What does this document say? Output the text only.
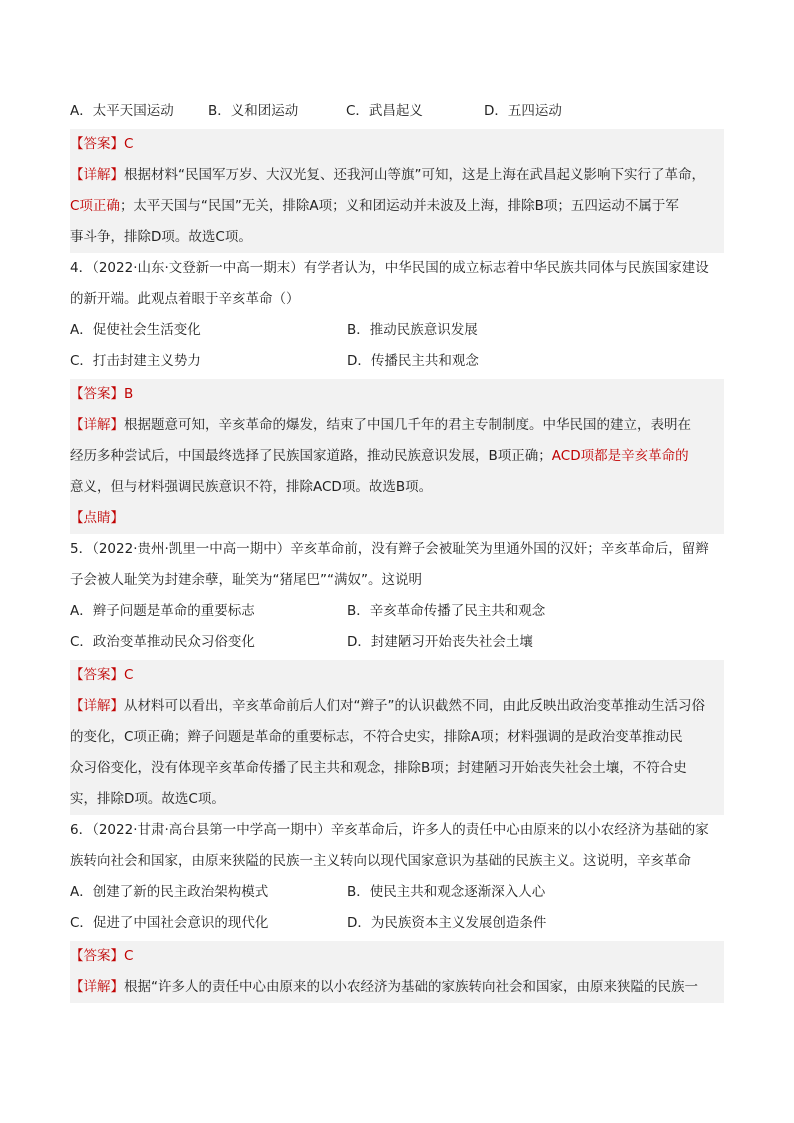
A．太平天国运动	B．义和团运动	C．武昌起义	D．五四运动
【答案】C
【详解】根据材料“民国军万岁、大汉光复、还我河山等旗”可知，这是上海在武昌起义影响下实行了革命，
C项正确；太平天国与“民国”无关，排除A项；义和团运动并未波及上海，排除B项；五四运动不属于军
事斗争，排除D项。故选C项。
4．（2022·山东·文登新一中高一期末）有学者认为，中华民国的成立标志着中华民族共同体与民族国家建设
的新开端。此观点着眼于辛亥革命（）
A．促使社会生活变化	B．推动民族意识发展
C．打击封建主义势力	D．传播民主共和观念
【答案】B
【详解】根据题意可知，辛亥革命的爆发，结束了中国几千年的君主专制制度。中华民国的建立，表明在
经历多种尝试后，中国最终选择了民族国家道路，推动民族意识发展，B项正确；ACD项都是辛亥革命的
意义，但与材料强调民族意识不符，排除ACD项。故选B项。
【点睛】
5．（2022·贵州·凯里一中高一期中）辛亥革命前，没有辫子会被耻笑为里通外国的汉奸；辛亥革命后，留辫
子会被人耻笑为封建余孽，耻笑为“猪尾巴”“满奴”。这说明
A．辫子问题是革命的重要标志	B．辛亥革命传播了民主共和观念
C．政治变革推动民众习俗变化	D．封建陋习开始丧失社会土壤
【答案】C
【详解】从材料可以看出，辛亥革命前后人们对“辫子”的认识截然不同，由此反映出政治变革推动生活习俗
的变化，C项正确；辫子问题是革命的重要标志，不符合史实，排除A项；材料强调的是政治变革推动民
众习俗变化，没有体现辛亥革命传播了民主共和观念，排除B项；封建陋习开始丧失社会土壤，不符合史
实，排除D项。故选C项。
6．（2022·甘肃·高台县第一中学高一期中）辛亥革命后，许多人的责任中心由原来的以小农经济为基础的家
族转向社会和国家，由原来狭隘的民族一主义转向以现代国家意识为基础的民族主义。这说明，辛亥革命
A．创建了新的民主政治架构模式	B．使民主共和观念逐渐深入人心
C．促进了中国社会意识的现代化	D．为民族资本主义发展创造条件
【答案】C
【详解】根据“许多人的责任中心由原来的以小农经济为基础的家族转向社会和国家，由原来狭隘的民族一
